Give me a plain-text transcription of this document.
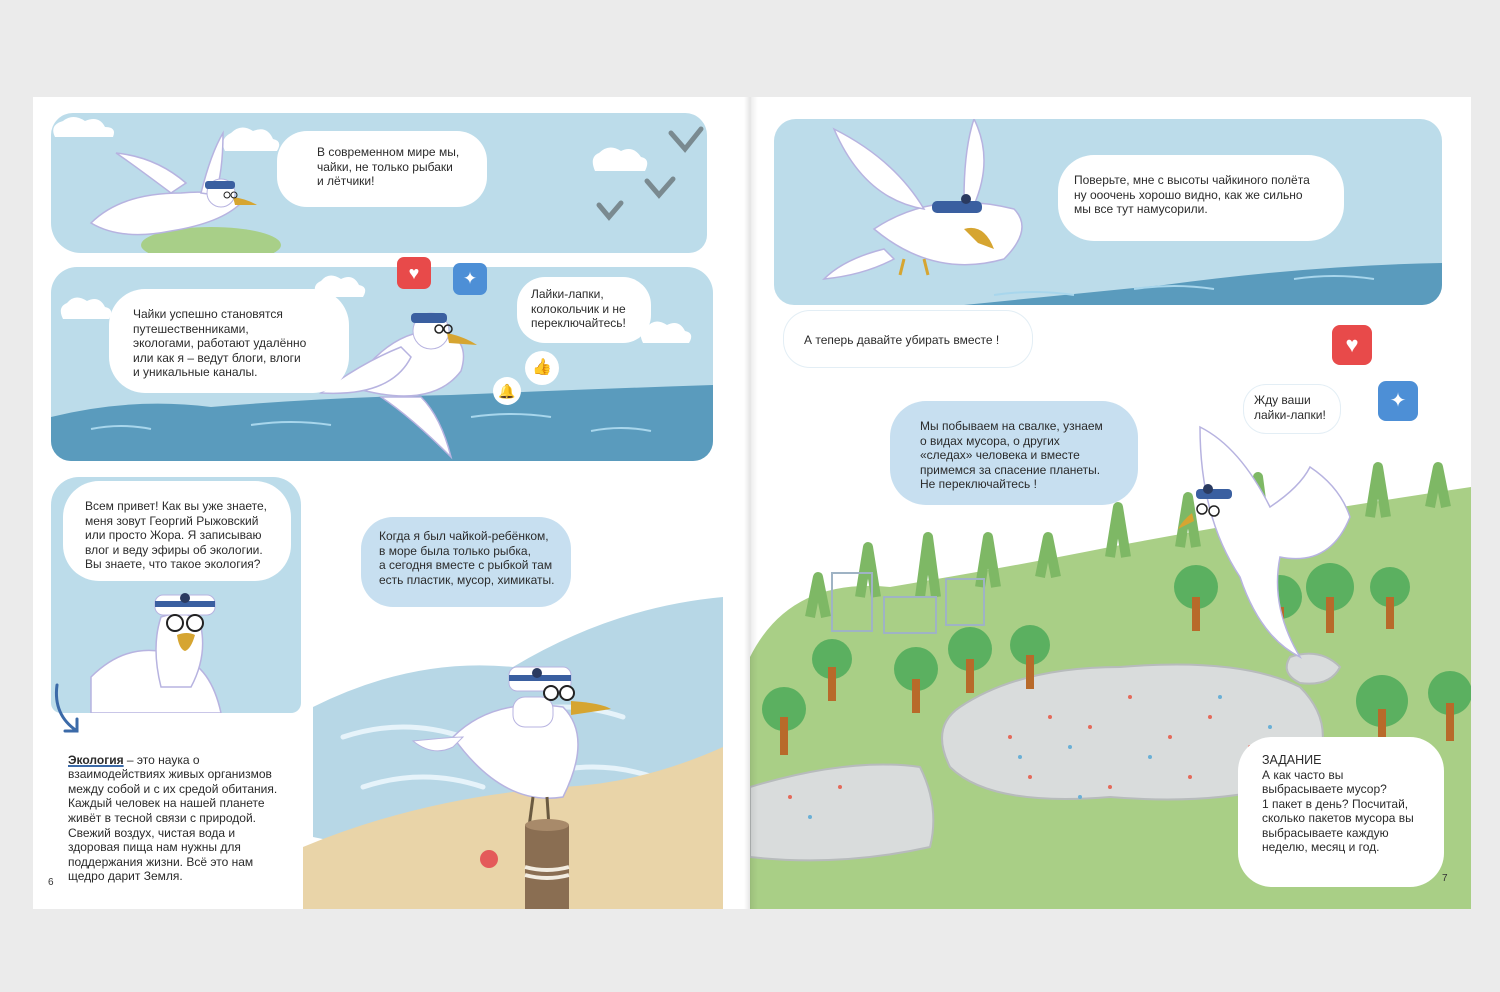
В современном мире мы,
чайки, не только рыбаки
и лётчики!
Чайки успешно становятся
путешественниками,
экологами, работают удалённо
или как я – ведут блоги, влоги
и уникальные каналы.
Лайки-лапки,
колокольчик и не
переключайтесь!
👍
🔔
♥	✦
Всем привет! Как вы уже знаете,
меня зовут Георгий Рыжовский
или просто Жора. Я записываю
влог и веду эфиры об экологии.
Вы знаете, что такое экология?
Когда я был чайкой-ребёнком,
в море была только рыбка,
а сегодня вместе с рыбкой там
есть пластик, мусор, химикаты.

Экология – это наука о
взаимодействиях живых организмов
между собой и с их средой обитания.
Каждый человек на нашей планете
живёт в тесной связи с природой.
Свежий воздух, чистая вода и
здоровая пища нам нужны для
поддержания жизни. Всё это нам
щедро дарит Земля.

6
Поверьте, мне с высоты чайкиного полёта
ну ооочень хорошо видно, как же сильно
мы все тут намусорили.
А теперь давайте убирать вместе !	♥
✦
Жду ваши
лайки-лапки!
Мы побываем на свалке, узнаем
о видах мусора, о других
«следах» человека и вместе
примемся за спасение планеты.
Не переключайтесь !
ЗАДАНИЕ
А как часто вы
выбрасываете мусор?
1 пакет в день? Посчитай,
сколько пакетов мусора вы
выбрасываете каждую
неделю, месяц и год.
7
